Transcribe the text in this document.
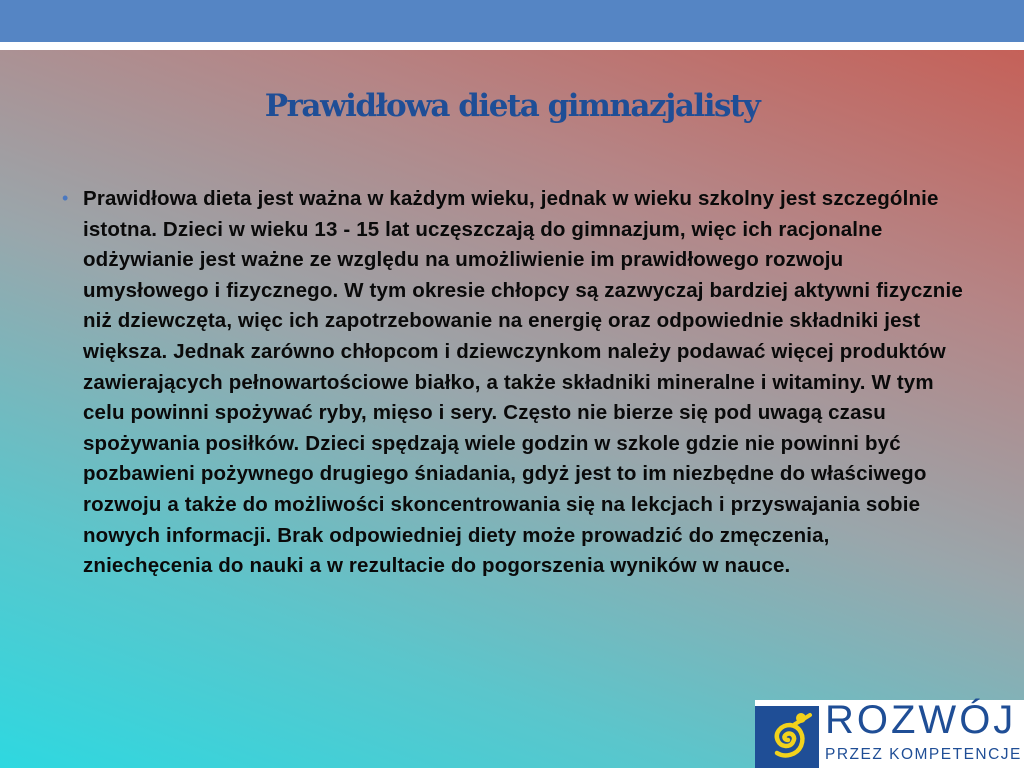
Prawidłowa dieta gimnazjalisty
• Prawidłowa dieta jest ważna w każdym wieku, jednak w wieku szkolny jest szczególnie istotna. Dzieci w wieku 13 - 15 lat uczęszczają do gimnazjum, więc ich racjonalne odżywianie jest ważne ze względu na umożliwienie im prawidłowego rozwoju umysłowego i fizycznego. W tym okresie chłopcy są zazwyczaj bardziej aktywni fizycznie niż dziewczęta, więc ich zapotrzebowanie na energię oraz odpowiednie składniki jest większa. Jednak zarówno chłopcom i dziewczynkom należy podawać więcej produktów zawierających pełnowartościowe białko, a także składniki mineralne i witaminy. W tym celu powinni spożywać ryby, mięso i sery. Często nie bierze się pod uwagą czasu spożywania posiłków. Dzieci spędzają wiele godzin w szkole gdzie nie powinni być pozbawieni pożywnego drugiego śniadania, gdyż jest to im niezbędne do właściwego rozwoju a także do możliwości skoncentrowania się na lekcjach i przyswajania sobie nowych informacji. Brak odpowiedniej diety może prowadzić do zmęczenia, zniechęcenia do nauki a w rezultacie do pogorszenia wyników w nauce.
ROZWÓJ
PRZEZ KOMPETENCJE
